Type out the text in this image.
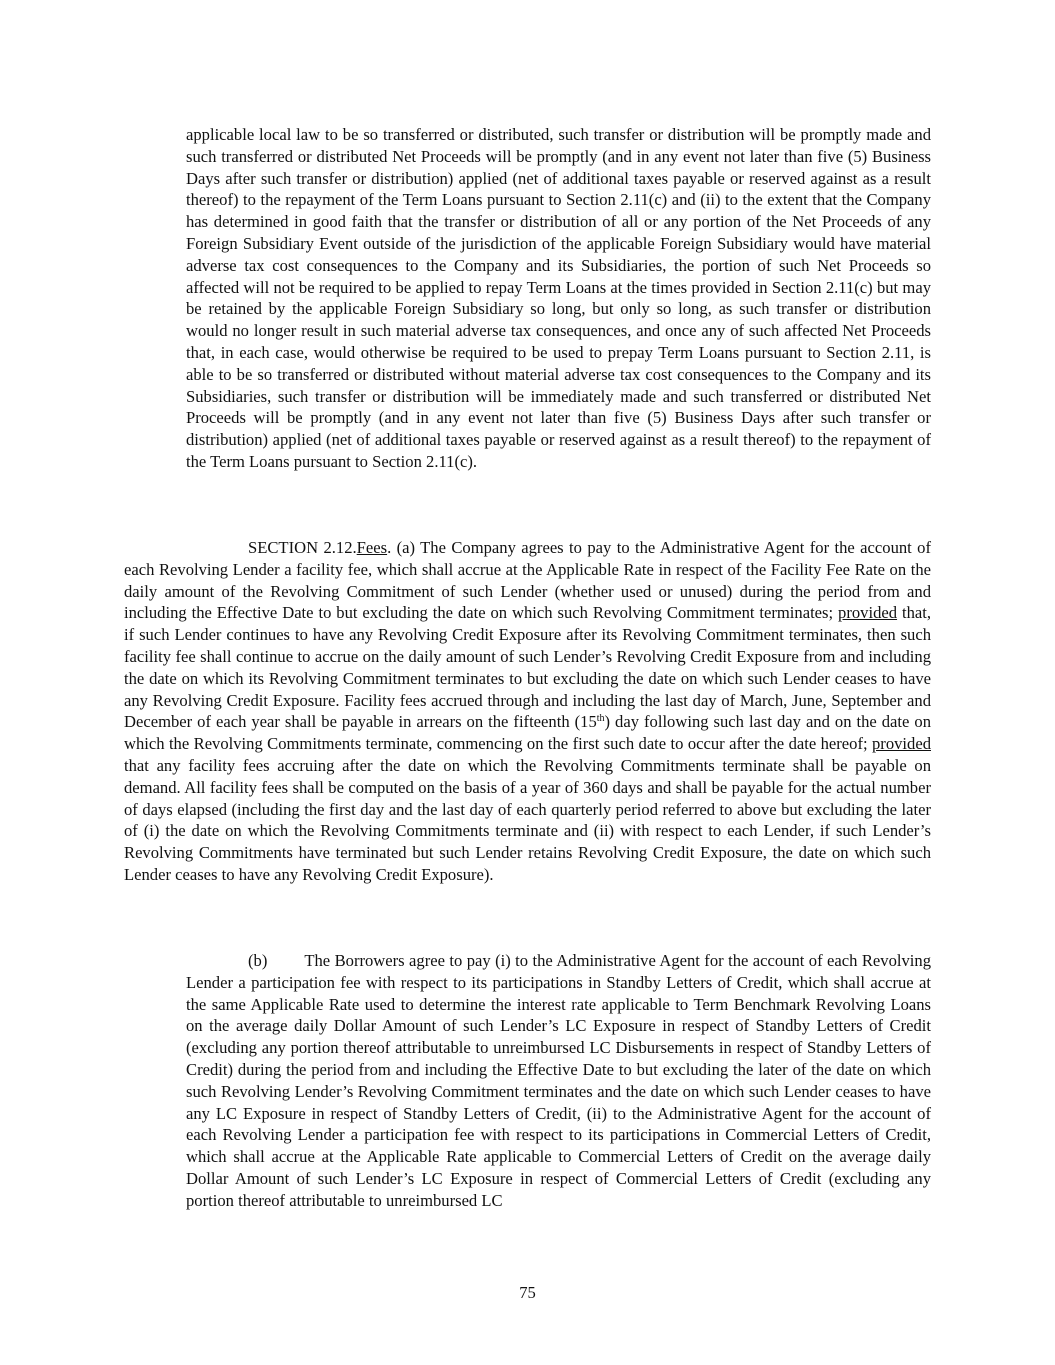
applicable local law to be so transferred or distributed, such transfer or distribution will be promptly made and such transferred or distributed Net Proceeds will be promptly (and in any event not later than five (5) Business Days after such transfer or distribution) applied (net of additional taxes payable or reserved against as a result thereof) to the repayment of the Term Loans pursuant to Section 2.11(c) and (ii) to the extent that the Company has determined in good faith that the transfer or distribution of all or any portion of the Net Proceeds of any Foreign Subsidiary Event outside of the jurisdiction of the applicable Foreign Subsidiary would have material adverse tax cost consequences to the Company and its Subsidiaries, the portion of such Net Proceeds so affected will not be required to be applied to repay Term Loans at the times provided in Section 2.11(c) but may be retained by the applicable Foreign Subsidiary so long, but only so long, as such transfer or distribution would no longer result in such material adverse tax consequences, and once any of such affected Net Proceeds that, in each case, would otherwise be required to be used to prepay Term Loans pursuant to Section 2.11, is able to be so transferred or distributed without material adverse tax cost consequences to the Company and its Subsidiaries, such transfer or distribution will be immediately made and such transferred or distributed Net Proceeds will be promptly (and in any event not later than five (5) Business Days after such transfer or distribution) applied (net of additional taxes payable or reserved against as a result thereof) to the repayment of the Term Loans pursuant to Section 2.11(c).

SECTION 2.12.Fees. (a) The Company agrees to pay to the Administrative Agent for the account of each Revolving Lender a facility fee, which shall accrue at the Applicable Rate in respect of the Facility Fee Rate on the daily amount of the Revolving Commitment of such Lender (whether used or unused) during the period from and including the Effective Date to but excluding the date on which such Revolving Commitment terminates; provided that, if such Lender continues to have any Revolving Credit Exposure after its Revolving Commitment terminates, then such facility fee shall continue to accrue on the daily amount of such Lender’s Revolving Credit Exposure from and including the date on which its Revolving Commitment terminates to but excluding the date on which such Lender ceases to have any Revolving Credit Exposure. Facility fees accrued through and including the last day of March, June, September and December of each year shall be payable in arrears on the fifteenth (15th) day following such last day and on the date on which the Revolving Commitments terminate, commencing on the first such date to occur after the date hereof; provided that any facility fees accruing after the date on which the Revolving Commitments terminate shall be payable on demand. All facility fees shall be computed on the basis of a year of 360 days and shall be payable for the actual number of days elapsed (including the first day and the last day of each quarterly period referred to above but excluding the later of (i) the date on which the Revolving Commitments terminate and (ii) with respect to each Lender, if such Lender’s Revolving Commitments have terminated but such Lender retains Revolving Credit Exposure, the date on which such Lender ceases to have any Revolving Credit Exposure).

(b) The Borrowers agree to pay (i) to the Administrative Agent for the account of each Revolving Lender a participation fee with respect to its participations in Standby Letters of Credit, which shall accrue at the same Applicable Rate used to determine the interest rate applicable to Term Benchmark Revolving Loans on the average daily Dollar Amount of such Lender’s LC Exposure in respect of Standby Letters of Credit (excluding any portion thereof attributable to unreimbursed LC Disbursements in respect of Standby Letters of Credit) during the period from and including the Effective Date to but excluding the later of the date on which such Revolving Lender’s Revolving Commitment terminates and the date on which such Lender ceases to have any LC Exposure in respect of Standby Letters of Credit, (ii) to the Administrative Agent for the account of each Revolving Lender a participation fee with respect to its participations in Commercial Letters of Credit, which shall accrue at the Applicable Rate applicable to Commercial Letters of Credit on the average daily Dollar Amount of such Lender’s LC Exposure in respect of Commercial Letters of Credit (excluding any portion thereof attributable to unreimbursed LC

75
